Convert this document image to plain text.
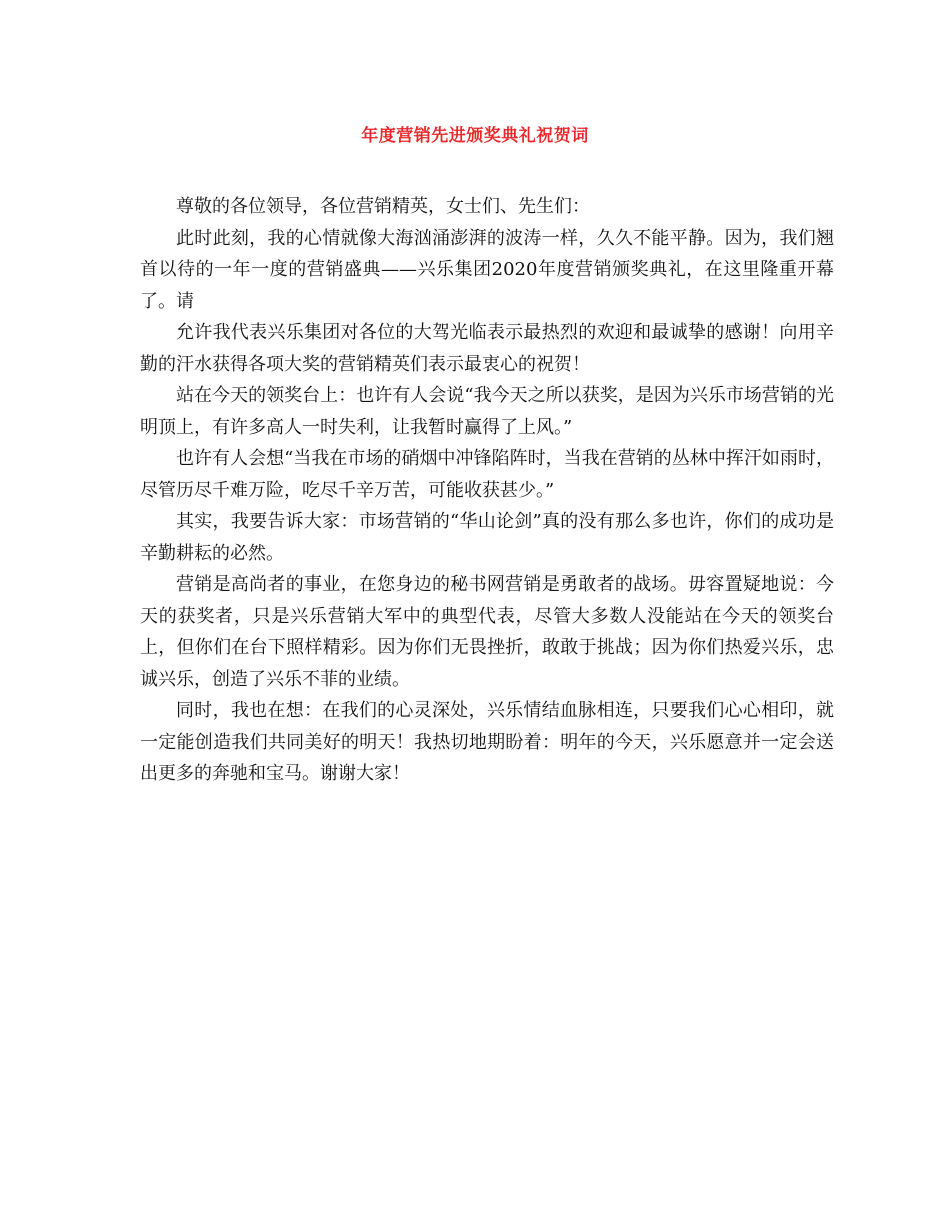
年度营销先进颁奖典礼祝贺词

尊敬的各位领导，各位营销精英，女士们、先生们：

此时此刻，我的心情就像大海汹涌澎湃的波涛一样，久久不能平静。因为，我们翘首以待的一年一度的营销盛典——兴乐集团2020年度营销颁奖典礼，在这里隆重开幕了。请

允许我代表兴乐集团对各位的大驾光临表示最热烈的欢迎和最诚挚的感谢！向用辛勤的汗水获得各项大奖的营销精英们表示最衷心的祝贺！

站在今天的领奖台上：也许有人会说“我今天之所以获奖，是因为兴乐市场营销的光明顶上，有许多高人一时失利，让我暂时赢得了上风。”

也许有人会想“当我在市场的硝烟中冲锋陷阵时，当我在营销的丛林中挥汗如雨时，尽管历尽千难万险，吃尽千辛万苦，可能收获甚少。”

其实，我要告诉大家：市场营销的“华山论剑”真的没有那么多也许，你们的成功是辛勤耕耘的必然。

营销是高尚者的事业，在您身边的秘书网营销是勇敢者的战场。毋容置疑地说：今天的获奖者，只是兴乐营销大军中的典型代表，尽管大多数人没能站在今天的领奖台上，但你们在台下照样精彩。因为你们无畏挫折，敢敢于挑战；因为你们热爱兴乐，忠诚兴乐，创造了兴乐不菲的业绩。

同时，我也在想：在我们的心灵深处，兴乐情结血脉相连，只要我们心心相印，就一定能创造我们共同美好的明天！我热切地期盼着：明年的今天，兴乐愿意并一定会送出更多的奔驰和宝马。谢谢大家！
